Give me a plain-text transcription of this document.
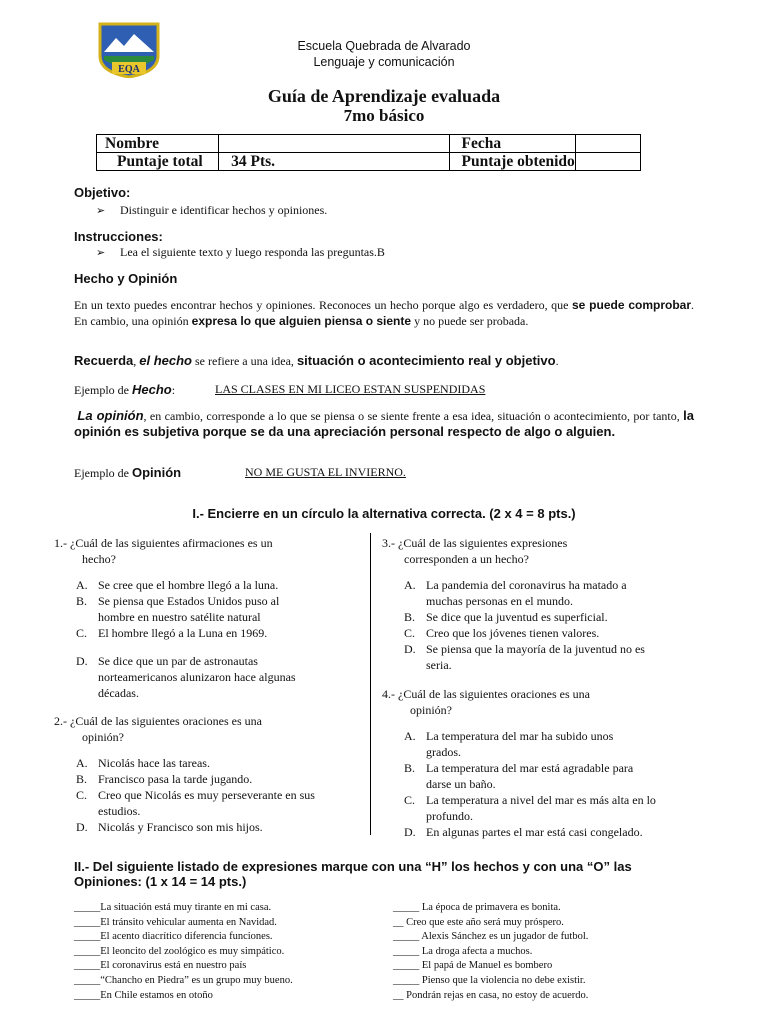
EQA
Escuela Quebrada de Alvarado
Lenguaje y comunicación
Guía de Aprendizaje evaluada
7mo básico
Nombre		Fecha	
Puntaje total	34 Pts.	Puntaje obtenido	
Objetivo:
➢ Distinguir e identificar hechos y opiniones.
Instrucciones:
➢ Lea el siguiente texto y luego responda las preguntas.B
Hecho y Opinión
En un texto puedes encontrar hechos y opiniones. Reconoces un hecho porque algo es verdadero, que se puede comprobar. En cambio, una opinión expresa lo que alguien piensa o siente y no puede ser probada.
Recuerda, el hecho se refiere a una idea, situación o acontecimiento real y objetivo.
Ejemplo de Hecho:	LAS CLASES EN MI LICEO ESTAN SUSPENDIDAS
La opinión, en cambio, corresponde a lo que se piensa o se siente frente a esa idea, situación o acontecimiento, por tanto, la opinión es subjetiva porque se da una apreciación personal respecto de algo o alguien.
Ejemplo de Opinión	NO ME GUSTA EL INVIERNO.
I.- Encierre en un círculo la alternativa correcta. (2 x 4 = 8 pts.)
1.- ¿Cuál de las siguientes afirmaciones es un
hecho?
A. Se cree que el hombre llegó a la luna.
B. Se piensa que Estados Unidos puso al
hombre en nuestro satélite natural
C. El hombre llegó a la Luna en 1969.
D. Se dice que un par de astronautas
norteamericanos alunizaron hace algunas
décadas.
2.- ¿Cuál de las siguientes oraciones es una
opinión?
A. Nicolás hace las tareas.
B. Francisco pasa la tarde jugando.
C. Creo que Nicolás es muy perseverante en sus
estudios.
D. Nicolás y Francisco son mis hijos.
3.- ¿Cuál de las siguientes expresiones
corresponden a un hecho?
A. La pandemia del coronavirus ha matado a
muchas personas en el mundo.
B. Se dice que la juventud es superficial.
C. Creo que los jóvenes tienen valores.
D. Se piensa que la mayoría de la juventud no es
seria.
4.- ¿Cuál de las siguientes oraciones es una
opinión?
A. La temperatura del mar ha subido unos
grados.
B. La temperatura del mar está agradable para
darse un baño.
C. La temperatura a nivel del mar es más alta en lo
profundo.
D. En algunas partes el mar está casi congelado.
II.- Del siguiente listado de expresiones marque con una “H” los hechos y con una “O” las
Opiniones: (1 x 14 = 14 pts.)
_____La situación está muy tirante en mi casa.
_____El tránsito vehicular aumenta en Navidad.
_____El acento diacrítico diferencia funciones.
_____El leoncito del zoológico es muy simpático.
_____El coronavirus está en nuestro país
_____“Chancho en Piedra” es un grupo muy bueno.
_____En Chile estamos en otoño
_____ La época de primavera es bonita.
__ Creo que este año será muy próspero.
_____ Alexis Sánchez es un jugador de futbol.
_____ La droga afecta a muchos.
_____ El papá de Manuel es bombero
_____ Pienso que la violencia no debe existir.
__ Pondrán rejas en casa, no estoy de acuerdo.
